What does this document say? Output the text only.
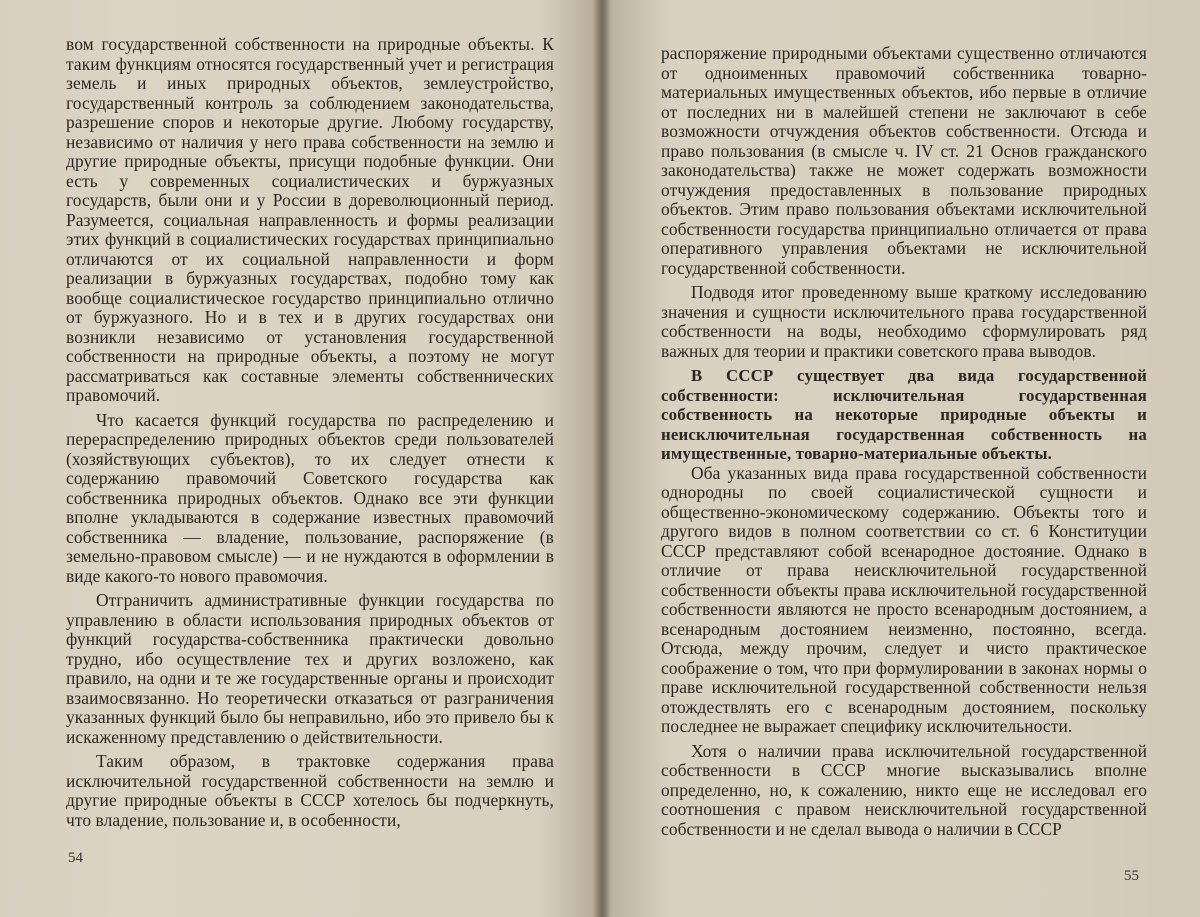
вом государственной собственности на природные объекты. К таким функциям относятся государственный учет и регистрация земель и иных природных объектов, землеустройство, государственный контроль за соблюдением законодательства, разрешение споров и некоторые другие. Любому государству, независимо от наличия у него права собственности на землю и другие природные объекты, присущи подобные функции. Они есть у современных социалистических и буржуазных государств, были они и у России в дореволюционный период. Разумеется, социальная направленность и формы реализации этих функций в социалистических государствах принципиально отличаются от их социальной направленности и форм реализации в буржуазных государствах, подобно тому как вообще социалистическое государство принципиально отлично от буржуазного. Но и в тех и в других государствах они возникли независимо от установления государственной собственности на природные объекты, а поэтому не могут рассматриваться как составные элементы собственнических правомочий.

Что касается функций государства по распределению и перераспределению природных объектов среди пользователей (хозяйствующих субъектов), то их следует отнести к содержанию правомочий Советского государства как собственника природных объектов. Однако все эти функции вполне укладываются в содержание известных правомочий собственника — владение, пользование, распоряжение (в земельно-правовом смысле) — и не нуждаются в оформлении в виде какого-то нового правомочия.

Отграничить административные функции государства по управлению в области использования природных объектов от функций государства-собственника практически довольно трудно, ибо осуществление тех и других возложено, как правило, на одни и те же государственные органы и происходит взаимосвязанно. Но теоретически отказаться от разграничения указанных функций было бы неправильно, ибо это привело бы к искаженному представлению о действительности.

Таким образом, в трактовке содержания права исключительной государственной собственности на землю и другие природные объекты в СССР хотелось бы подчеркнуть, что владение, пользование и, в особенности,

54

распоряжение природными объектами существенно отличаются от одноименных правомочий собственника товарно-материальных имущественных объектов, ибо первые в отличие от последних ни в малейшей степени не заключают в себе возможности отчуждения объектов собственности. Отсюда и право пользования (в смысле ч. IV ст. 21 Основ гражданского законодательства) также не может содержать возможности отчуждения предоставленных в пользование природных объектов. Этим право пользования объектами исключительной собственности государства принципиально отличается от права оперативного управления объектами не исключительной государственной собственности.

Подводя итог проведенному выше краткому исследованию значения и сущности исключительного права государственной собственности на воды, необходимо сформулировать ряд важных для теории и практики советского права выводов.

В СССР существует два вида государственной собственности: исключительная государственная собственность на некоторые природные объекты и неисключительная государственная собственность на имущественные, товарно-материальные объекты.

Оба указанных вида права государственной собственности однородны по своей социалистической сущности и общественно-экономическому содержанию. Объекты того и другого видов в полном соответствии со ст. 6 Конституции СССР представляют собой всенародное достояние. Однако в отличие от права неисключительной государственной собственности объекты права исключительной государственной собственности являются не просто всенародным достоянием, а всенародным достоянием неизменно, постоянно, всегда. Отсюда, между прочим, следует и чисто практическое соображение о том, что при формулировании в законах нормы о праве исключительной государственной собственности нельзя отождествлять его с всенародным достоянием, поскольку последнее не выражает специфику исключительности.

Хотя о наличии права исключительной государственной собственности в СССР многие высказывались вполне определенно, но, к сожалению, никто еще не исследовал его соотношения с правом неисключительной государственной собственности и не сделал вывода о наличии в СССР

55
